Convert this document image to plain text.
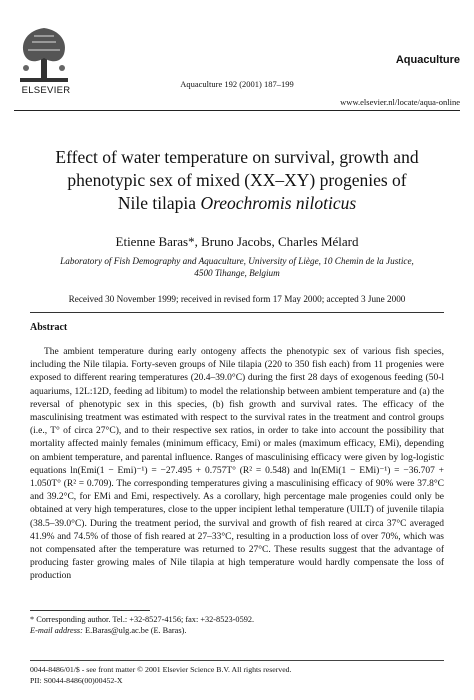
ELSEVIER
Aquaculture 192 (2001) 187–199
Aquaculture
www.elsevier.nl/locate/aqua-online
Effect of water temperature on survival, growth and
phenotypic sex of mixed (XX–XY) progenies of
Nile tilapia Oreochromis niloticus
Etienne Baras*, Bruno Jacobs, Charles Mélard
Laboratory of Fish Demography and Aquaculture, University of Liège, 10 Chemin de la Justice, 4500 Tihange, Belgium
Received 30 November 1999; received in revised form 17 May 2000; accepted 3 June 2000
Abstract

The ambient temperature during early ontogeny affects the phenotypic sex of various fish species, including the Nile tilapia. Forty-seven groups of Nile tilapia (220 to 350 fish each) from 11 progenies were exposed to different rearing temperatures (20.4–39.0°C) during the first 28 days of exogenous feeding (50-l aquariums, 12L:12D, feeding ad libitum) to model the relationship between ambient temperature and (a) the reversal of phenotypic sex in this species, (b) fish growth and survival rates. The efficacy of the masculinising treatment was estimated with respect to the survival rates in the treatment and control groups (i.e., T° of circa 27°C), and to their respective sex ratios, in order to take into account the possibility that mortality affected mainly females (minimum efficacy, Emi) or males (maximum efficacy, EMi), depending on ambient temperature, and parental influence. Ranges of masculinising efficacy were given by log-logistic equations ln(Emi(1 − Emi)⁻¹) = −27.495 + 0.757T° (R² = 0.548) and ln(EMi(1 − EMi)⁻¹) = −36.707 + 1.050T° (R² = 0.709). The corresponding temperatures giving a masculinising efficacy of 90% were 37.8°C and 39.2°C, for EMi and Emi, respectively. As a corollary, high percentage male progenies could only be obtained at very high temperatures, close to the upper incipient lethal temperature (UILT) of juvenile tilapia (38.5–39.0°C). During the treatment period, the survival and growth of fish reared at circa 37°C averaged 41.9% and 74.5% of those of fish reared at 27–33°C, resulting in a production loss of over 70%, which was not compensated after the temperature was returned to 27°C. These results suggest that the advantage of producing faster growing males of Nile tilapia at high temperature would hardly compensate the loss of production

* Corresponding author. Tel.: +32-8527-4156; fax: +32-8523-0592.
E-mail address: E.Baras@ulg.ac.be (E. Baras).
0044-8486/01/$ - see front matter © 2001 Elsevier Science B.V. All rights reserved.
PII: S0044-8486(00)00452-X
